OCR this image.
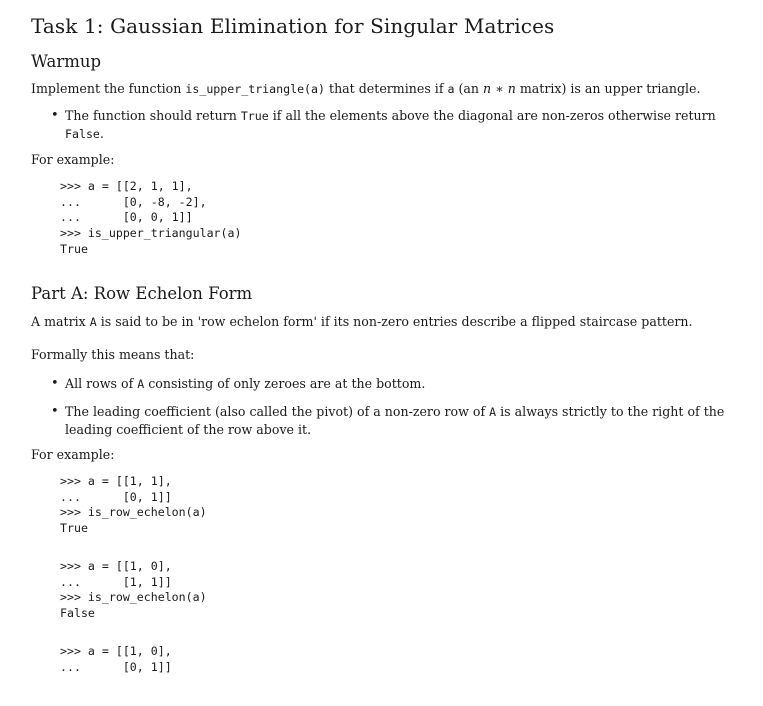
Task 1: Gaussian Elimination for Singular Matrices
Warmup

Implement the function is_upper_triangle(a) that determines if a (an n ∗ n matrix) is an upper triangle.

• The function should return True if all the elements above the diagonal are non-zeros otherwise return False.

For example:

>>> a = [[2, 1, 1],
...      [0, -8, -2],
...      [0, 0, 1]]
>>> is_upper_triangular(a)
True
Part A: Row Echelon Form

A matrix A is said to be in 'row echelon form' if its non-zero entries describe a flipped staircase pattern.

Formally this means that:

• All rows of A consisting of only zeroes are at the bottom.
• The leading coefficient (also called the pivot) of a non-zero row of A is always strictly to the right of the leading coefficient of the row above it.

For example:

>>> a = [[1, 1],
...      [0, 1]]
>>> is_row_echelon(a)
True
>>> a = [[1, 0],
...      [1, 1]]
>>> is_row_echelon(a)
False
>>> a = [[1, 0],
...      [0, 1]]
